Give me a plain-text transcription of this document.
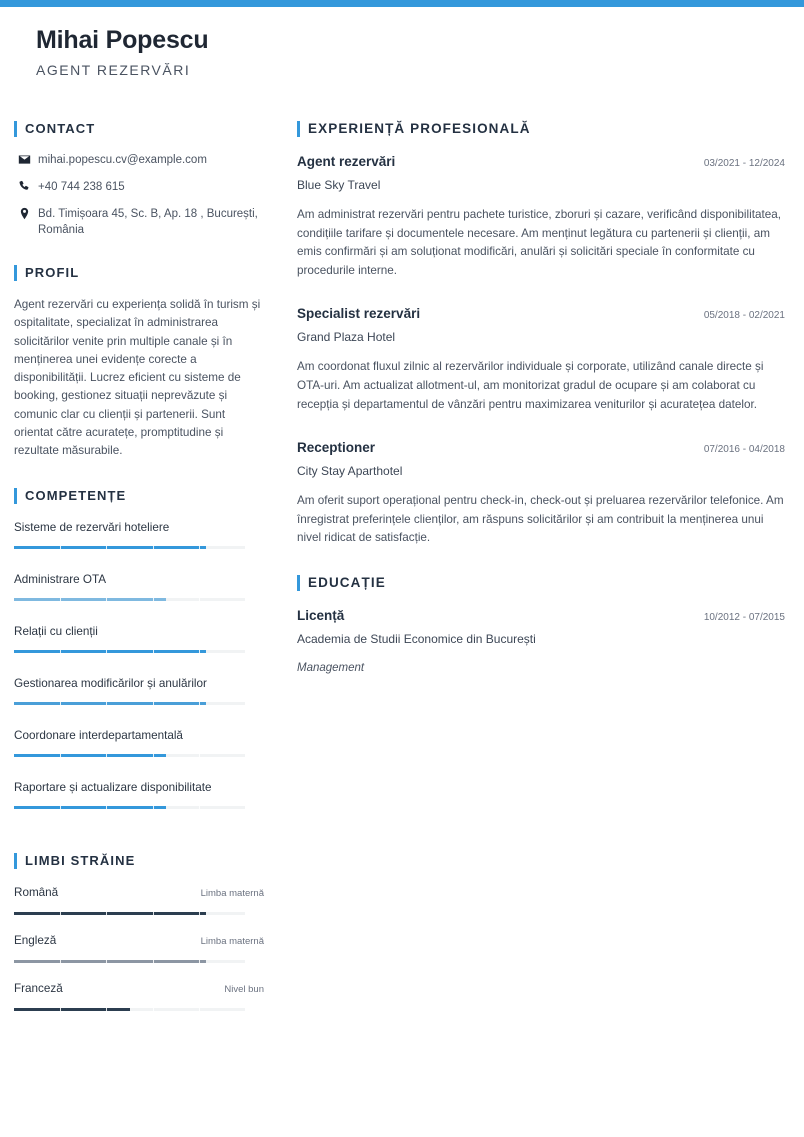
Mihai Popescu
AGENT REZERVĂRI
CONTACT
mihai.popescu.cv@example.com
+40 744 238 615
Bd. Timișoara 45, Sc. B, Ap. 18 , București, România
PROFIL
Agent rezervări cu experiența solidă în turism și ospitalitate, specializat în administrarea solicitărilor venite prin multiple canale și în menținerea unei evidențe corecte a disponibilității. Lucrez eficient cu sisteme de booking, gestionez situații neprevăzute și comunic clar cu clienții și partenerii. Sunt orientat către acuratețe, promptitudine și rezultate măsurabile.
COMPETENȚE
Sisteme de rezervări hoteliere
Administrare OTA
Relații cu clienții
Gestionarea modificărilor și anulărilor
Coordonare interdepartamentală
Raportare și actualizare disponibilitate
LIMBI STRĂINE
Română	Limba maternă
Engleză	Limba maternă
Franceză	Nivel bun
EXPERIENȚĂ PROFESIONALĂ
Agent rezervări	03/2021 - 12/2024
Blue Sky Travel
Am administrat rezervări pentru pachete turistice, zboruri și cazare, verificând disponibilitatea, condițiile tarifare și documentele necesare. Am menținut legătura cu partenerii și clienții, am emis confirmări și am soluționat modificări, anulări și solicitări speciale în conformitate cu procedurile interne.
Specialist rezervări	05/2018 - 02/2021
Grand Plaza Hotel
Am coordonat fluxul zilnic al rezervărilor individuale și corporate, utilizând canale directe și OTA-uri. Am actualizat allotment-ul, am monitorizat gradul de ocupare și am colaborat cu recepția și departamentul de vânzări pentru maximizarea veniturilor și acuratețea datelor.
Receptioner	07/2016 - 04/2018
City Stay Aparthotel
Am oferit suport operațional pentru check-in, check-out și preluarea rezervărilor telefonice. Am înregistrat preferințele clienților, am răspuns solicitărilor și am contribuit la menținerea unui nivel ridicat de satisfacție.
EDUCAȚIE
Licență	10/2012 - 07/2015
Academia de Studii Economice din București
Management
